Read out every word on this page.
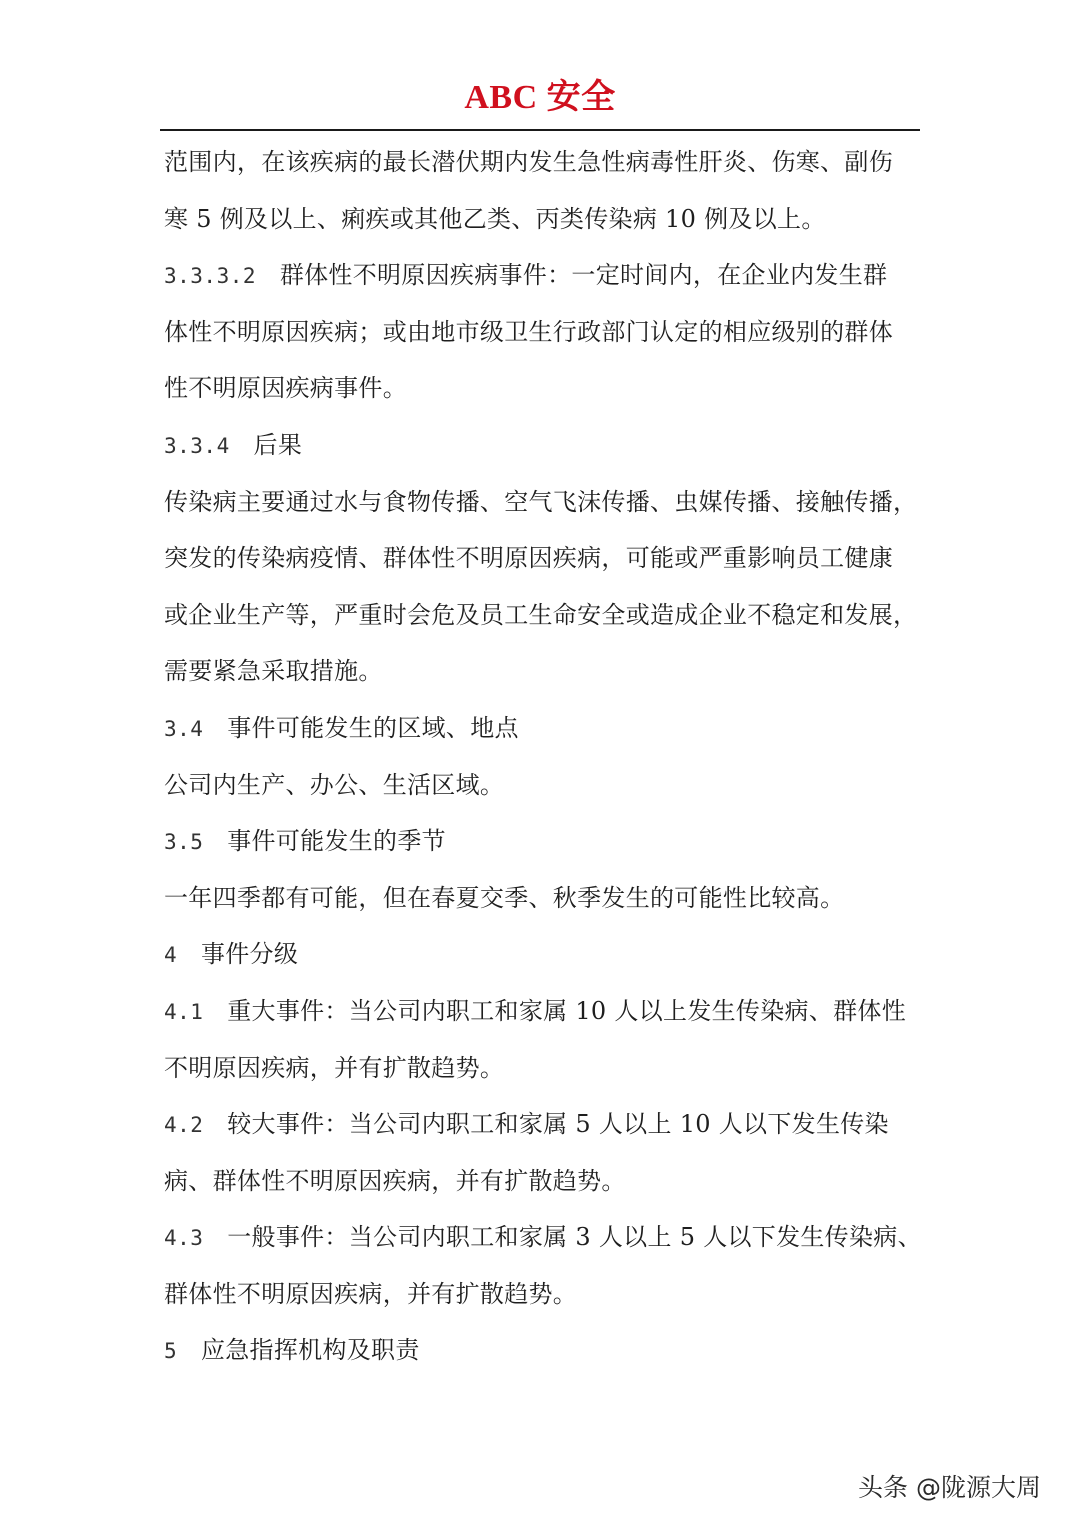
ABC 安全
范围内，在该疾病的最长潜伏期内发生急性病毒性肝炎、伤寒、副伤
寒 5 例及以上、痢疾或其他乙类、丙类传染病 10 例及以上。
3.3.3.2 群体性不明原因疾病事件：一定时间内，在企业内发生群
体性不明原因疾病；或由地市级卫生行政部门认定的相应级别的群体
性不明原因疾病事件。
3.3.4 后果
传染病主要通过水与食物传播、空气飞沫传播、虫媒传播、接触传播，
突发的传染病疫情、群体性不明原因疾病，可能或严重影响员工健康
或企业生产等，严重时会危及员工生命安全或造成企业不稳定和发展，
需要紧急采取措施。
3.4 事件可能发生的区域、地点
公司内生产、办公、生活区域。
3.5 事件可能发生的季节
一年四季都有可能，但在春夏交季、秋季发生的可能性比较高。
4 事件分级
4.1 重大事件：当公司内职工和家属 10 人以上发生传染病、群体性
不明原因疾病，并有扩散趋势。
4.2 较大事件：当公司内职工和家属 5 人以上 10 人以下发生传染
病、群体性不明原因疾病，并有扩散趋势。
4.3 一般事件：当公司内职工和家属 3 人以上 5 人以下发生传染病、
群体性不明原因疾病，并有扩散趋势。
5 应急指挥机构及职责
头条 @陇源大周
